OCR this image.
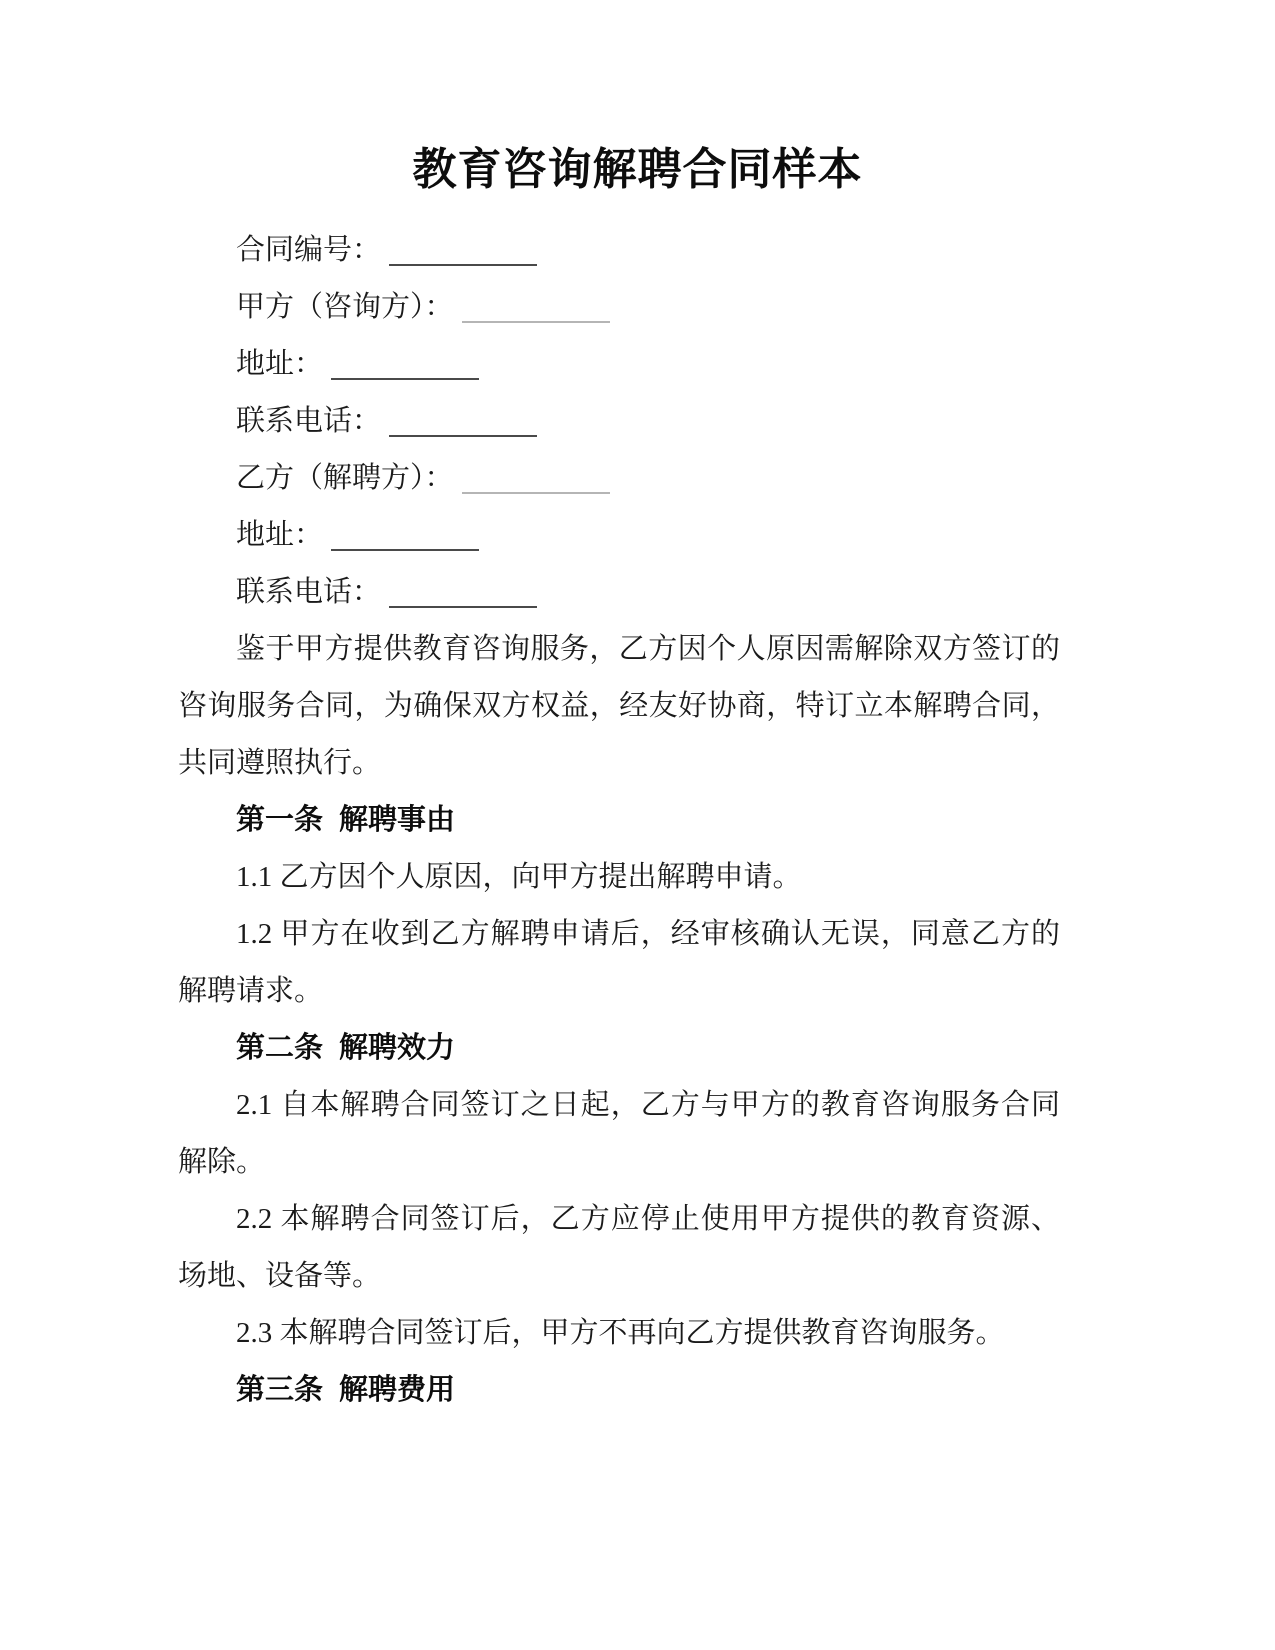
教育咨询解聘合同样本
合同编号：
甲方（咨询方）：
地址：
联系电话：
乙方（解聘方）：
地址：
联系电话：

鉴于甲方提供教育咨询服务，乙方因个人原因需解除双方签订的咨询服务合同，为确保双方权益，经友好协商，特订立本解聘合同，共同遵照执行。

第一条 解聘事由

1.1 乙方因个人原因，向甲方提出解聘申请。

1.2 甲方在收到乙方解聘申请后，经审核确认无误，同意乙方的解聘请求。

第二条 解聘效力

2.1 自本解聘合同签订之日起，乙方与甲方的教育咨询服务合同解除。

2.2 本解聘合同签订后，乙方应停止使用甲方提供的教育资源、场地、设备等。

2.3 本解聘合同签订后，甲方不再向乙方提供教育咨询服务。

第三条 解聘费用
